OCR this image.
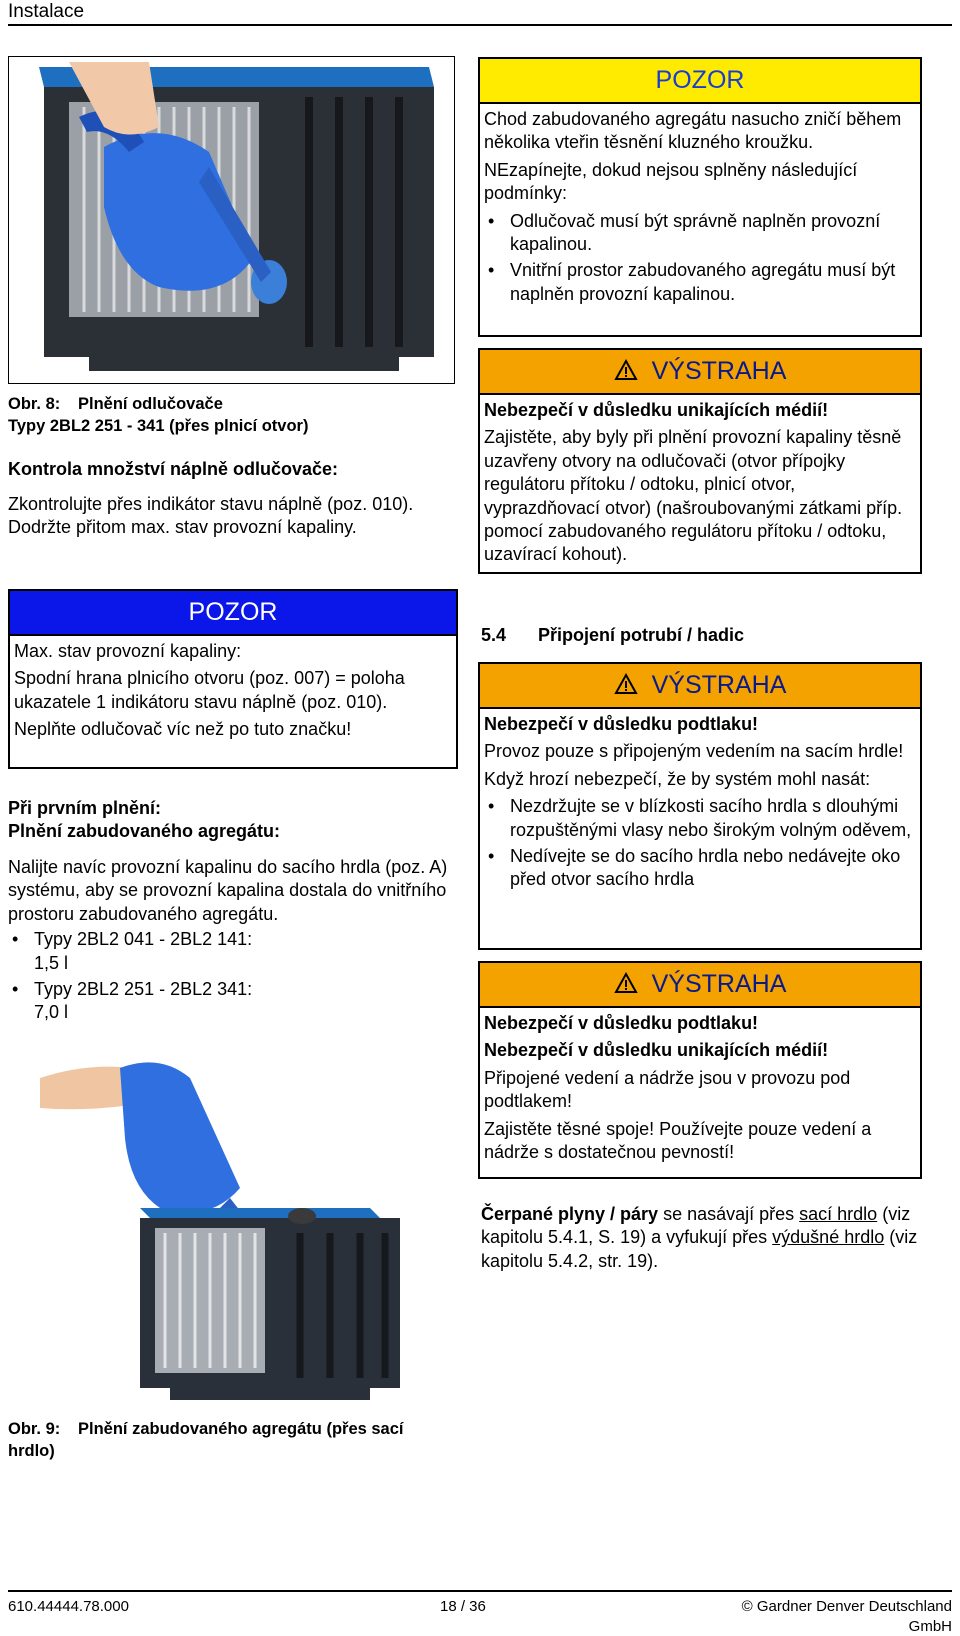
Instalace
Obr. 8: Plnění odlučovače
Typy 2BL2 251 - 341 (přes plnicí otvor)
Kontrola množství náplně odlučovače:
Zkontrolujte přes indikátor stavu náplně (poz. 010). Dodržte přitom max. stav provozní kapaliny.
POZOR

Max. stav provozní kapaliny:

Spodní hrana plnicího otvoru (poz. 007) = poloha ukazatele 1 indikátoru stavu náplně (poz. 010).

Neplňte odlučovač víc než po tuto značku!

Při prvním plnění:
Plnění zabudovaného agregátu:

Nalijte navíc provozní kapalinu do sacího hrdla (poz. A) systému, aby se provozní kapalina dostala do vnitřního prostoru zabudovaného agregátu.

• Typy 2BL2 041 - 2BL2 141:
1,5 l
• Typy 2BL2 251 - 2BL2 341:
7,0 l
Obr. 9: Plnění zabudovaného agregátu (přes sací
hrdlo)
POZOR

Chod zabudovaného agregátu nasucho zničí během několika vteřin těsnění kluzného kroužku.

NEzapínejte, dokud nejsou splněny následující podmínky:

• Odlučovač musí být správně naplněn provozní kapalinou.
• Vnitřní prostor zabudovaného agregátu musí být naplněn provozní kapalinou.
VÝSTRAHA

Nebezpečí v důsledku unikajících médií!

Zajistěte, aby byly při plnění provozní kapaliny těsně uzavřeny otvory na odlučovači (otvor přípojky regulátoru přítoku / odtoku, plnicí otvor, vyprazdňovací otvor) (našroubovanými zátkami příp. pomocí zabudovaného regulátoru přítoku / odtoku, uzavírací kohout).

5.4 Připojení potrubí / hadic
VÝSTRAHA

Nebezpečí v důsledku podtlaku!

Provoz pouze s připojeným vedením na sacím hrdle!

Když hrozí nebezpečí, že by systém mohl nasát:

• Nezdržujte se v blízkosti sacího hrdla s dlouhými rozpuštěnými vlasy nebo širokým volným oděvem,
• Nedívejte se do sacího hrdla nebo nedávejte oko před otvor sacího hrdla
VÝSTRAHA

Nebezpečí v důsledku podtlaku!

Nebezpečí v důsledku unikajících médií!

Připojené vedení a nádrže jsou v provozu pod podtlakem!

Zajistěte těsné spoje! Používejte pouze vedení a nádrže s dostatečnou pevností!

Čerpané plyny / páry se nasávají přes sací hrdlo (viz kapitolu 5.4.1, S. 19) a vyfukují přes výdušné hrdlo (viz kapitolu 5.4.2, str. 19).
610.44444.78.000	18 / 36	© Gardner Denver Deutschland GmbH
